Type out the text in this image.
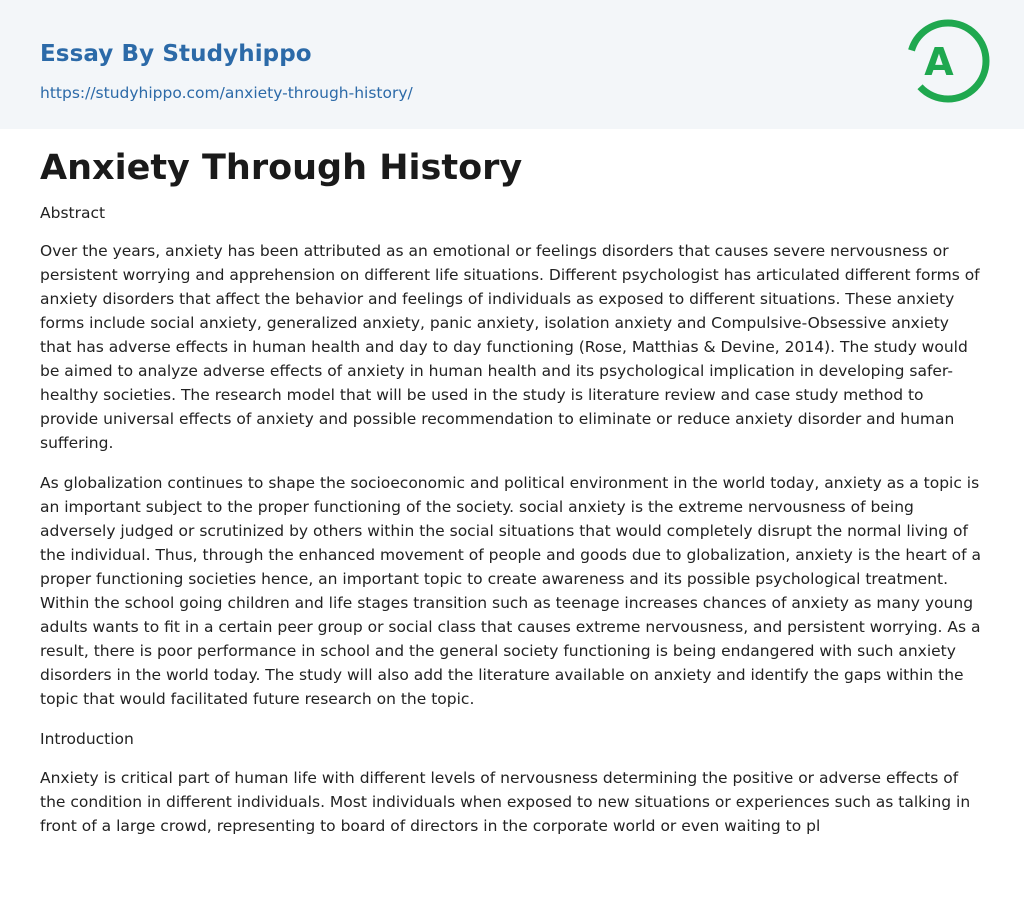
Essay By Studyhippo
https://studyhippo.com/anxiety-through-history/
A
Anxiety Through History

Abstract

Over the years, anxiety has been attributed as an emotional or feelings disorders that causes severe nervousness or persistent worrying and apprehension on different life situations. Different psychologist has articulated different forms of anxiety disorders that affect the behavior and feelings of individuals as exposed to different situations. These anxiety forms include social anxiety, generalized anxiety, panic anxiety, isolation anxiety and Compulsive-Obsessive anxiety that has adverse effects in human health and day to day functioning (Rose, Matthias & Devine, 2014). The study would be aimed to analyze adverse effects of anxiety in human health and its psychological implication in developing safer-healthy societies. The research model that will be used in the study is literature review and case study method to provide universal effects of anxiety and possible recommendation to eliminate or reduce anxiety disorder and human suffering.

As globalization continues to shape the socioeconomic and political environment in the world today, anxiety as a topic is an important subject to the proper functioning of the society. social anxiety is the extreme nervousness of being adversely judged or scrutinized by others within the social situations that would completely disrupt the normal living of the individual. Thus, through the enhanced movement of people and goods due to globalization, anxiety is the heart of a proper functioning societies hence, an important topic to create awareness and its possible psychological treatment. Within the school going children and life stages transition such as teenage increases chances of anxiety as many young adults wants to fit in a certain peer group or social class that causes extreme nervousness, and persistent worrying. As a result, there is poor performance in school and the general society functioning is being endangered with such anxiety disorders in the world today. The study will also add the literature available on anxiety and identify the gaps within the topic that would facilitated future research on the topic.

Introduction

Anxiety is critical part of human life with different levels of nervousness determining the positive or adverse effects of the condition in different individuals. Most individuals when exposed to new situations or experiences such as talking in front of a large crowd, representing to board of directors in the corporate world or even waiting to pl
